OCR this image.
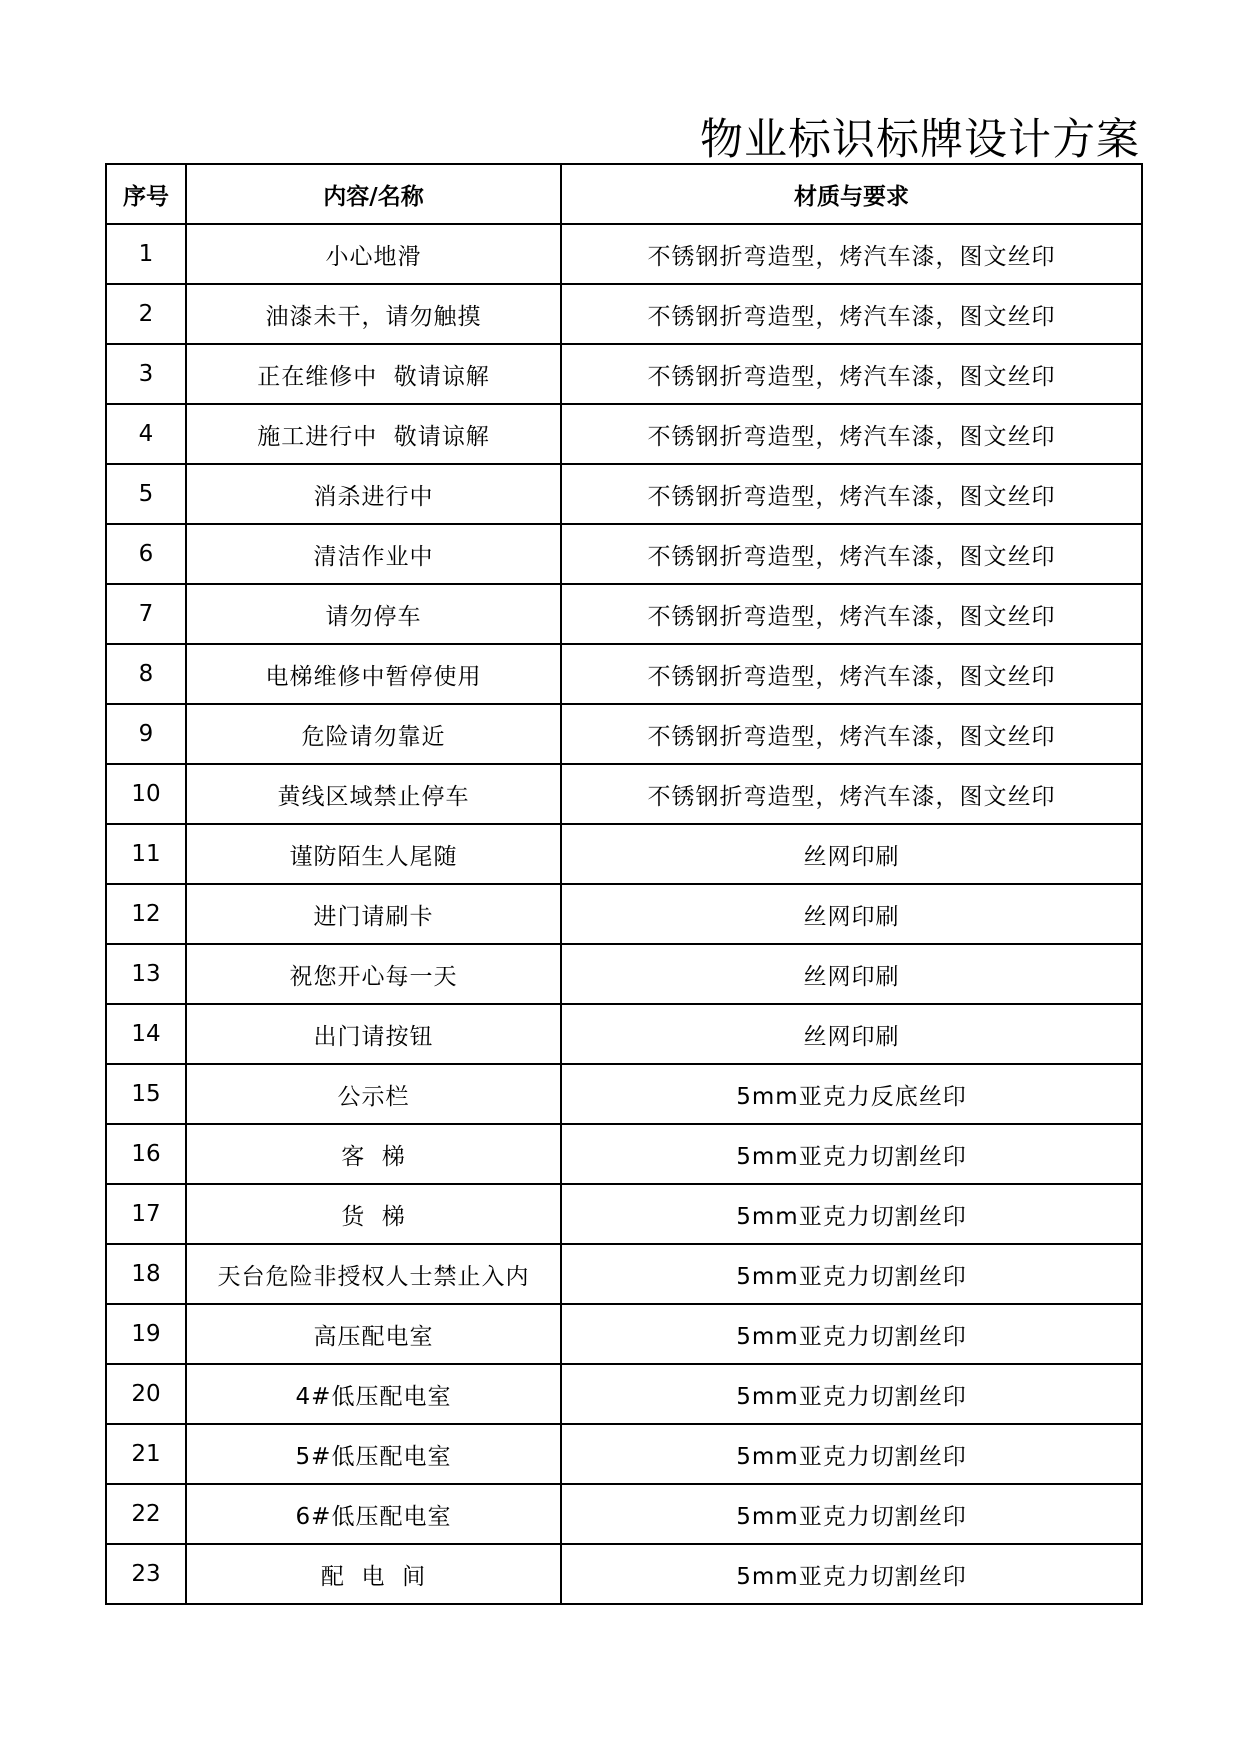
物业标识标牌设计方案
序号	内容/名称	材质与要求
1	小心地滑	不锈钢折弯造型，烤汽车漆，图文丝印
2	油漆未干，请勿触摸	不锈钢折弯造型，烤汽车漆，图文丝印
3	正在维修中  敬请谅解	不锈钢折弯造型，烤汽车漆，图文丝印
4	施工进行中  敬请谅解	不锈钢折弯造型，烤汽车漆，图文丝印
5	消杀进行中	不锈钢折弯造型，烤汽车漆，图文丝印
6	清洁作业中	不锈钢折弯造型，烤汽车漆，图文丝印
7	请勿停车	不锈钢折弯造型，烤汽车漆，图文丝印
8	电梯维修中暂停使用	不锈钢折弯造型，烤汽车漆，图文丝印
9	危险请勿靠近	不锈钢折弯造型，烤汽车漆，图文丝印
10	黄线区域禁止停车	不锈钢折弯造型，烤汽车漆，图文丝印
11	谨防陌生人尾随	丝网印刷
12	进门请刷卡	丝网印刷
13	祝您开心每一天	丝网印刷
14	出门请按钮	丝网印刷
15	公示栏	5mm亚克力反底丝印
16	客  梯	5mm亚克力切割丝印
17	货  梯	5mm亚克力切割丝印
18	天台危险非授权人士禁止入内	5mm亚克力切割丝印
19	高压配电室	5mm亚克力切割丝印
20	4#低压配电室	5mm亚克力切割丝印
21	5#低压配电室	5mm亚克力切割丝印
22	6#低压配电室	5mm亚克力切割丝印
23	配  电  间	5mm亚克力切割丝印
